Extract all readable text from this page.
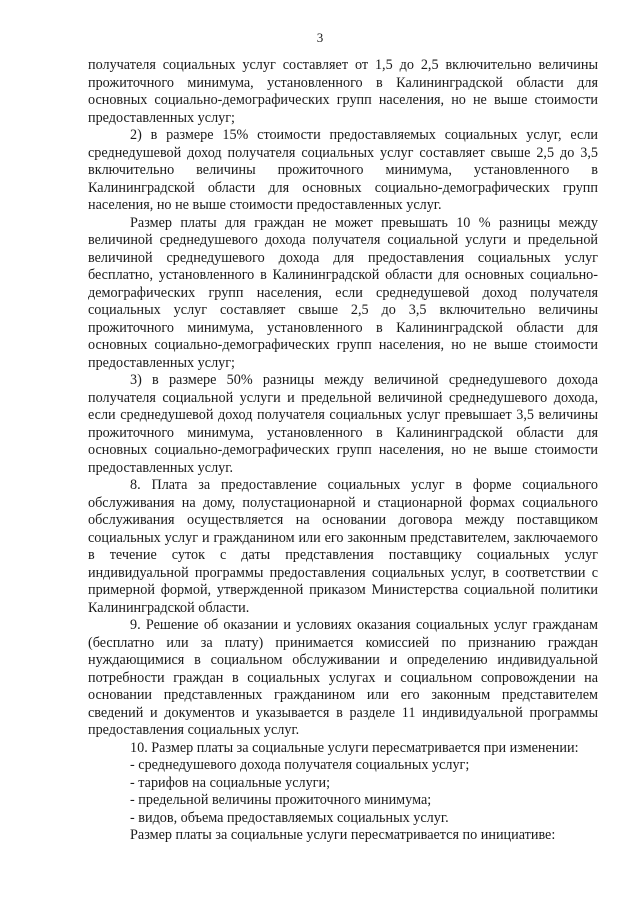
3

получателя социальных услуг составляет от 1,5 до 2,5 включительно величины прожиточного минимума, установленного в Калининградской области для основных социально-демографических групп населения, но не выше стоимости предоставленных услуг;

2) в размере 15% стоимости предоставляемых социальных услуг, если среднедушевой доход получателя социальных услуг составляет свыше 2,5 до 3,5 включительно величины прожиточного минимума, установленного в Калининградской области для основных социально-демографических групп населения, но не выше стоимости предоставленных услуг.

Размер платы для граждан не может превышать 10 % разницы между величиной среднедушевого дохода получателя социальной услуги и предельной величиной среднедушевого дохода для предоставления социальных услуг бесплатно, установленного в Калининградской области для основных социально-демографических групп населения, если среднедушевой доход получателя социальных услуг составляет свыше 2,5 до 3,5 включительно величины прожиточного минимума, установленного в Калининградской области для основных социально-демографических групп населения, но не выше стоимости предоставленных услуг;

3) в размере 50% разницы между величиной среднедушевого дохода получателя социальной услуги и предельной величиной среднедушевого дохода, если среднедушевой доход получателя социальных услуг превышает 3,5 величины прожиточного минимума, установленного в Калининградской области для основных социально-демографических групп населения, но не выше стоимости предоставленных услуг.

8. Плата за предоставление социальных услуг в форме социального обслуживания на дому, полустационарной и стационарной формах социального обслуживания осуществляется на основании договора между поставщиком социальных услуг и гражданином или его законным представителем, заключаемого в течение суток с даты представления поставщику социальных услуг индивидуальной программы предоставления социальных услуг, в соответствии с примерной формой, утвержденной приказом Министерства социальной политики Калининградской области.

9. Решение об оказании и условиях оказания социальных услуг гражданам (бесплатно или за плату) принимается комиссией по признанию граждан нуждающимися в социальном обслуживании и определению индивидуальной потребности граждан в социальных услугах и социальном сопровождении на основании представленных гражданином или его законным представителем сведений и документов и указывается в разделе 11 индивидуальной программы предоставления социальных услуг.

10. Размер платы за социальные услуги пересматривается при изменении:

- среднедушевого дохода получателя социальных услуг;

- тарифов на социальные услуги;

- предельной величины прожиточного минимума;

- видов, объема предоставляемых социальных услуг.

Размер платы за социальные услуги пересматривается по инициативе:
